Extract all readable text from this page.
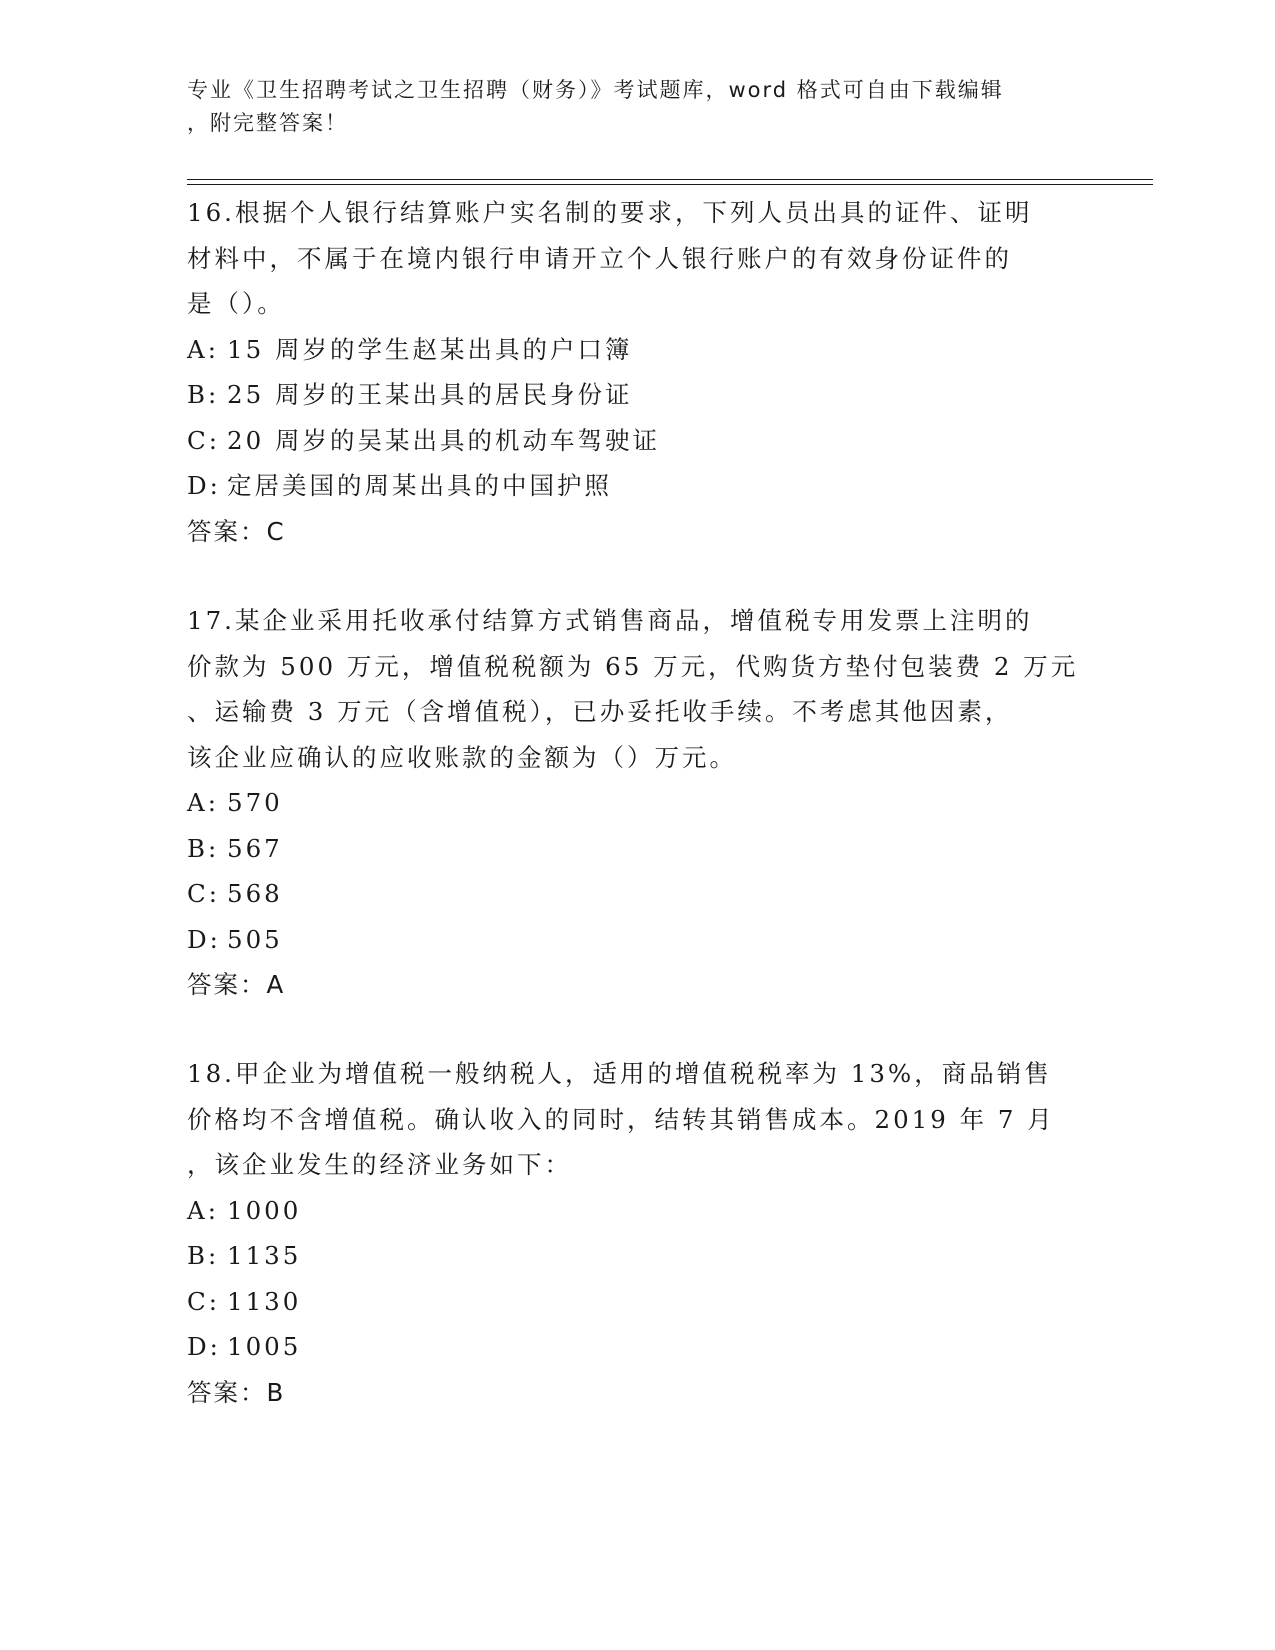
专业《卫生招聘考试之卫生招聘（财务）》考试题库，word 格式可自由下载编辑
，附完整答案！
16.根据个人银行结算账户实名制的要求，下列人员出具的证件、证明
材料中，不属于在境内银行申请开立个人银行账户的有效身份证件的
是（）。
A: 15 周岁的学生赵某出具的户口簿
B: 25 周岁的王某出具的居民身份证
C: 20 周岁的吴某出具的机动车驾驶证
D: 定居美国的周某出具的中国护照
答案：C
17.某企业采用托收承付结算方式销售商品，增值税专用发票上注明的
价款为 500 万元，增值税税额为 65 万元，代购货方垫付包装费 2 万元
、运输费 3 万元（含增值税），已办妥托收手续。不考虑其他因素，
该企业应确认的应收账款的金额为（）万元。
A: 570
B: 567
C: 568
D: 505
答案：A
18.甲企业为增值税一般纳税人，适用的增值税税率为 13%，商品销售
价格均不含增值税。确认收入的同时，结转其销售成本。2019 年 7 月
，该企业发生的经济业务如下：
A: 1000
B: 1135
C: 1130
D: 1005
答案：B
